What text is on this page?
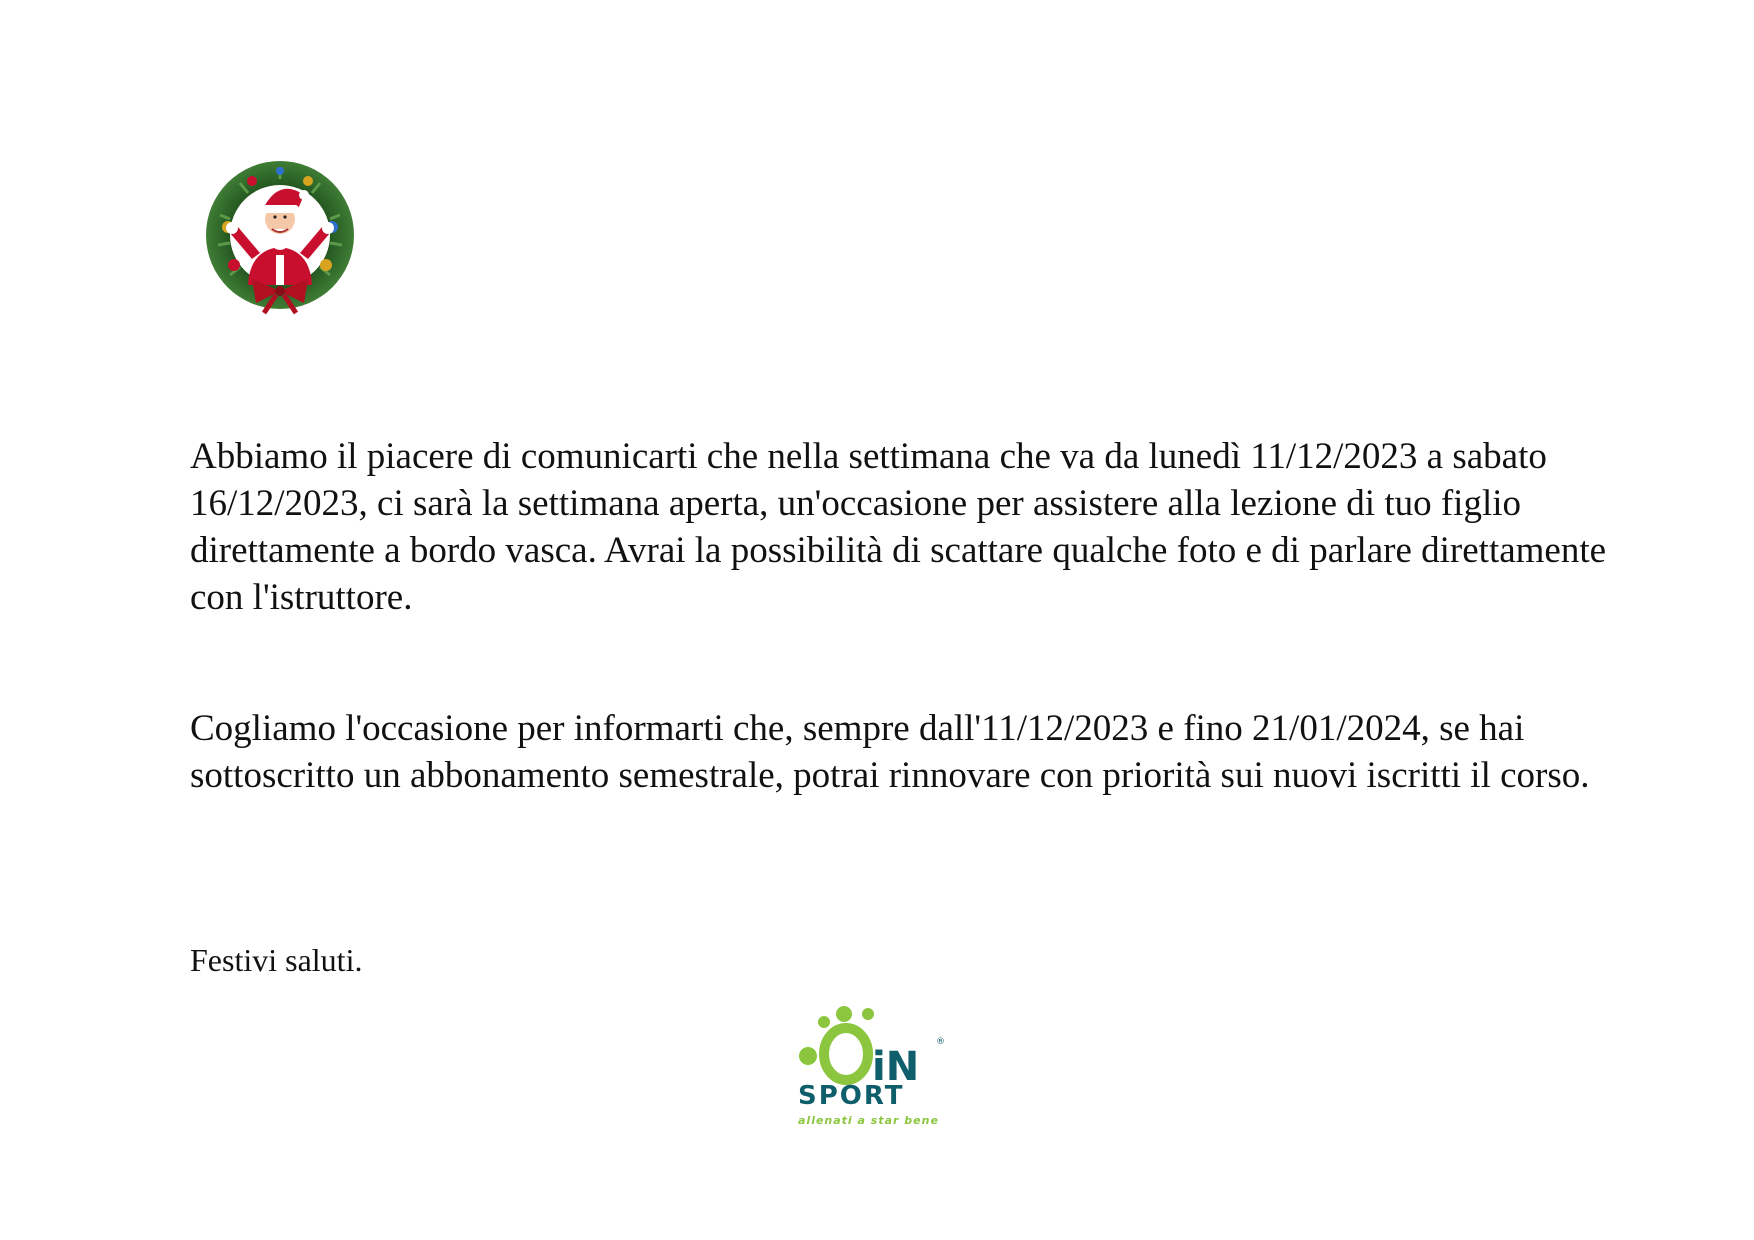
Abbiamo il piacere di comunicarti che nella settimana che va da lunedì 11/12/2023 a sabato 16/12/2023, ci sarà la settimana aperta, un'occasione per assistere alla lezione di tuo figlio direttamente a bordo vasca. Avrai la possibilità di scattare qualche foto e di parlare direttamente con l'istruttore.

Cogliamo l'occasione per informarti che, sempre dall'11/12/2023 e fino 21/01/2024, se hai sottoscritto un abbonamento semestrale, potrai rinnovare con priorità sui nuovi iscritti il corso.

Festivi saluti.

iN
®
SPORT
allenati a star bene
